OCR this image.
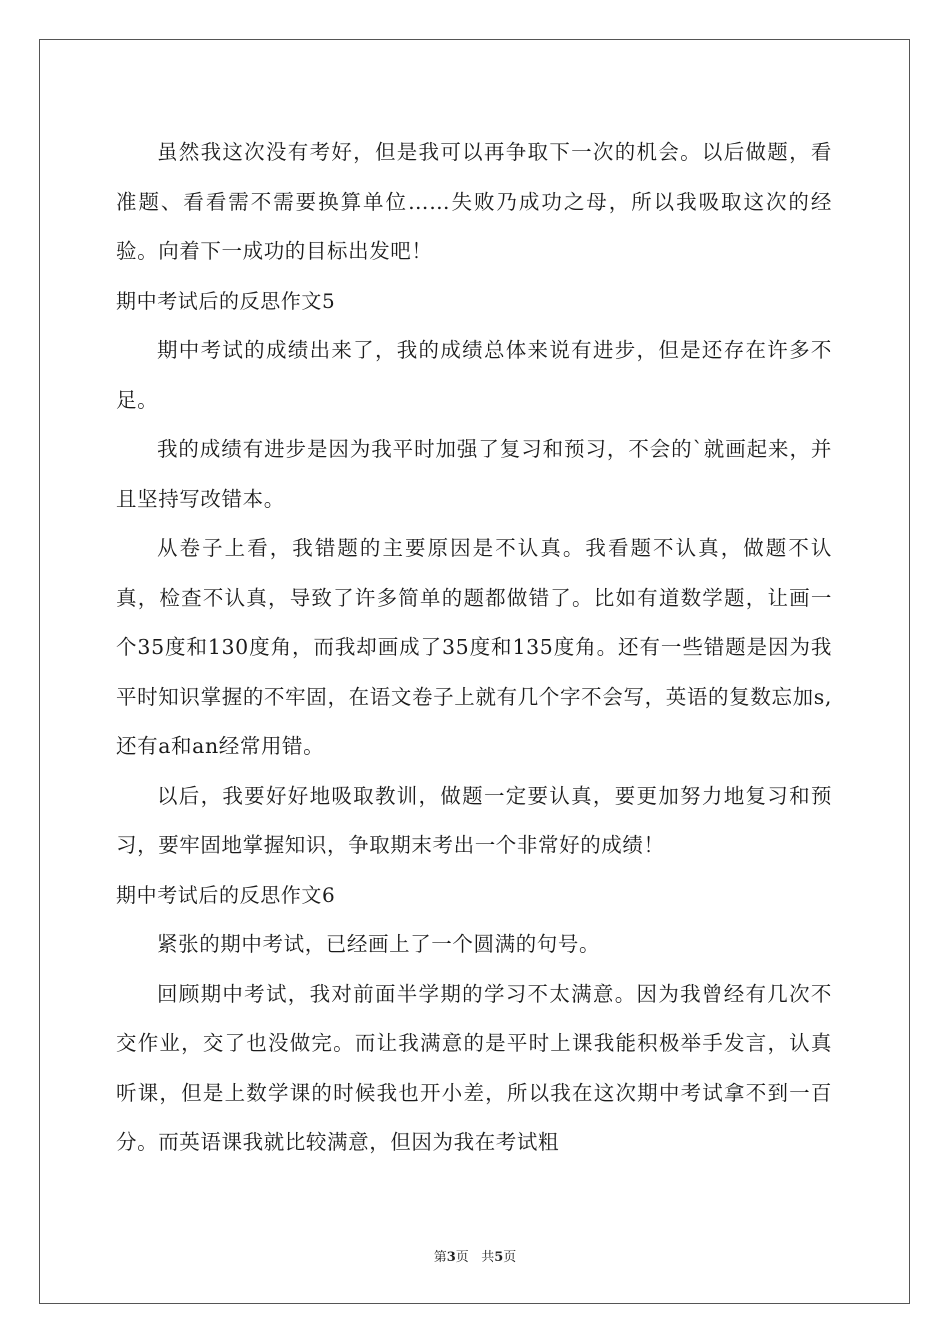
虽然我这次没有考好，但是我可以再争取下一次的机会。以后做题，看准题、看看需不需要换算单位……失败乃成功之母，所以我吸取这次的经验。向着下一成功的目标出发吧！

期中考试后的反思作文5

期中考试的成绩出来了，我的成绩总体来说有进步，但是还存在许多不足。

我的成绩有进步是因为我平时加强了复习和预习，不会的`就画起来，并且坚持写改错本。

从卷子上看，我错题的主要原因是不认真。我看题不认真，做题不认真，检查不认真，导致了许多简单的题都做错了。比如有道数学题，让画一个35度和130度角，而我却画成了35度和135度角。还有一些错题是因为我平时知识掌握的不牢固，在语文卷子上就有几个字不会写，英语的复数忘加s,还有a和an经常用错。

以后，我要好好地吸取教训，做题一定要认真，要更加努力地复习和预习，要牢固地掌握知识，争取期末考出一个非常好的成绩！

期中考试后的反思作文6

紧张的期中考试，已经画上了一个圆满的句号。

回顾期中考试，我对前面半学期的学习不太满意。因为我曾经有几次不交作业，交了也没做完。而让我满意的是平时上课我能积极举手发言，认真听课，但是上数学课的时候我也开小差，所以我在这次期中考试拿不到一百分。而英语课我就比较满意，但因为我在考试粗

第3页 共5页
